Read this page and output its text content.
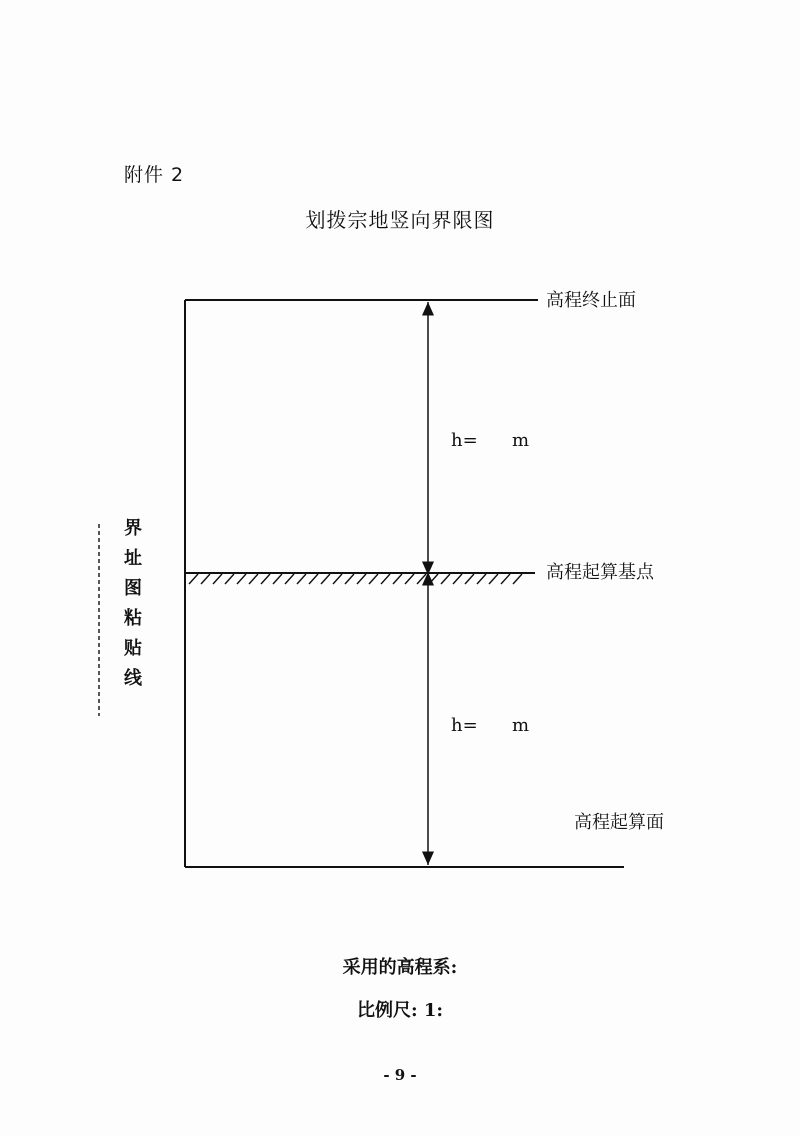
附件 2
划拨宗地竖向界限图
高程终止面
高程起算基点
高程起算面
h=      m
h=      m
界址图粘贴线
采用的高程系:
比例尺: 1:
- 9 -
